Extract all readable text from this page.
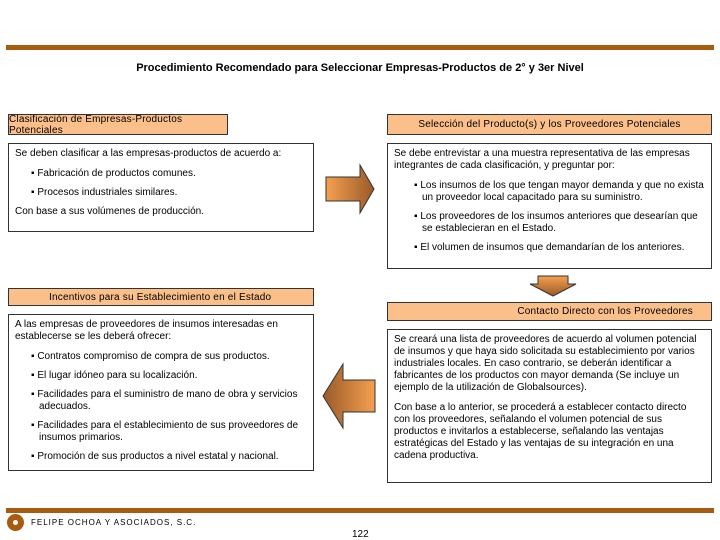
Procedimiento Recomendado para Seleccionar Empresas-Productos de 2° y 3er Nivel
Clasificación de Empresas-Productos Potenciales

Se deben clasificar a las empresas-productos de acuerdo a:

▪ Fabricación de productos comunes.
▪ Procesos industriales similares.
Con base a sus volúmenes de producción.
Selección del Producto(s) y los Proveedores Potenciales

Se debe entrevistar a una muestra representativa de las empresas integrantes de cada clasificación, y preguntar por:

▪ Los insumos de los que tengan mayor demanda y que no exista un proveedor local capacitado para su suministro.
▪ Los proveedores de los insumos anteriores que desearían que se establecieran en el Estado.
▪ El volumen de insumos que demandarían de los anteriores.
Incentivos para su Establecimiento en el Estado

A las empresas de proveedores de insumos interesadas en establecerse se les deberá ofrecer:

▪ Contratos compromiso de compra de sus productos.
▪ El lugar idóneo para su localización.
▪ Facilidades para el suministro de mano de obra y servicios adecuados.
▪ Facilidades para el establecimiento de sus proveedores de insumos primarios.
▪ Promoción de sus productos a nivel estatal y nacional.
Contacto Directo con los Proveedores

Se creará una lista de proveedores de acuerdo al volumen potencial de insumos y que haya sido solicitada su establecimiento por varios industriales locales. En caso contrario, se deberán identificar a fabricantes de los productos con mayor demanda (Se incluye un ejemplo de la utilización de Globalsources).

Con base a lo anterior, se procederá a establecer contacto directo con los proveedores, señalando el volumen potencial de sus productos e invitarlos a establecerse, señalando las ventajas estratégicas del Estado y las ventajas de su integración en una cadena productiva.

FELIPE OCHOA Y ASOCIADOS, S.C.
122
